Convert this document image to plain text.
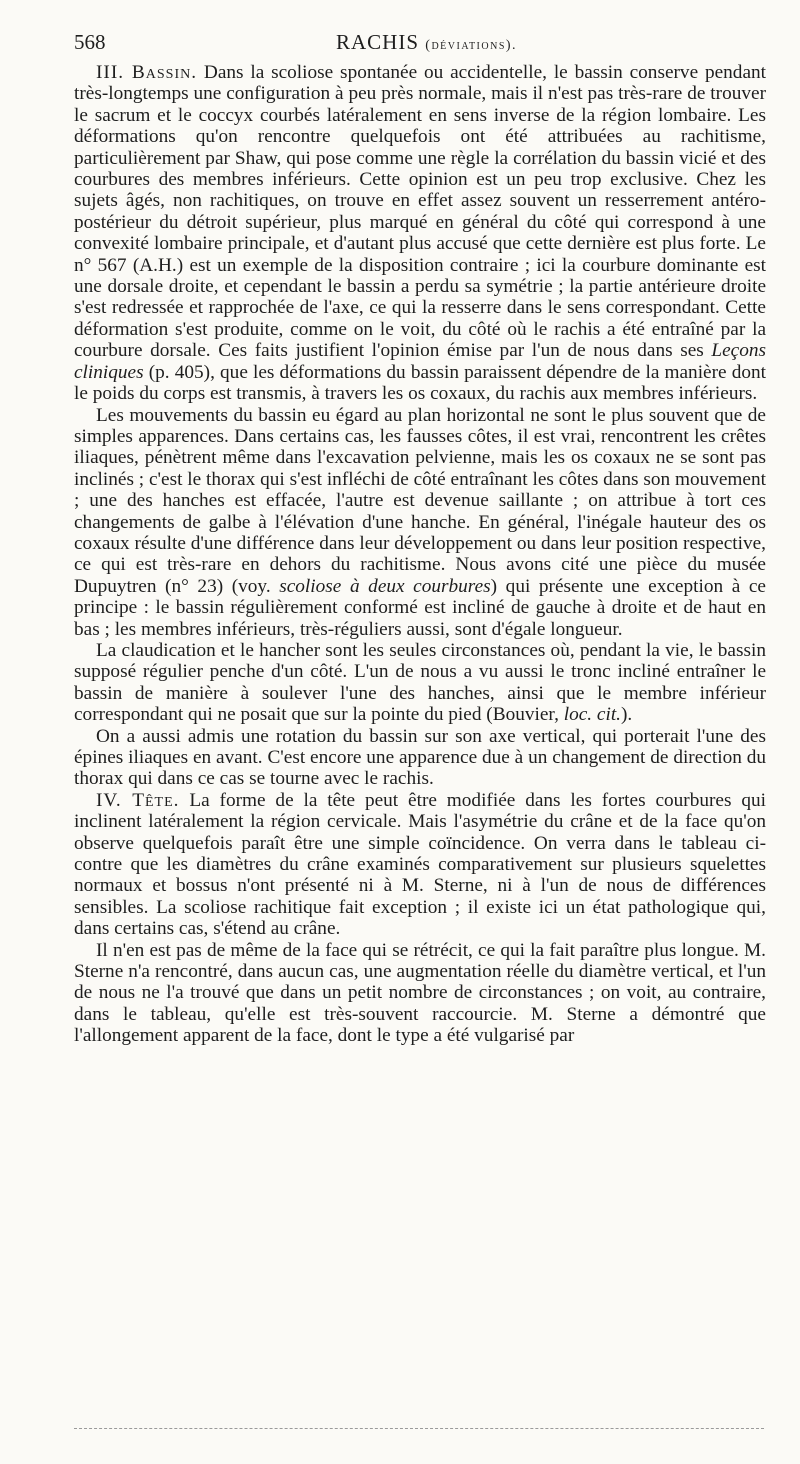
568	RACHIS (déviations).

III. Bassin. Dans la scoliose spontanée ou accidentelle, le bassin conserve pendant très-longtemps une configuration à peu près normale, mais il n'est pas très-rare de trouver le sacrum et le coccyx courbés latéralement en sens inverse de la région lombaire. Les déformations qu'on rencontre quelquefois ont été attribuées au rachitisme, particulièrement par Shaw, qui pose comme une règle la corrélation du bassin vicié et des courbures des membres inférieurs. Cette opinion est un peu trop exclusive. Chez les sujets âgés, non rachitiques, on trouve en effet assez souvent un resserrement antéro-postérieur du détroit supérieur, plus marqué en général du côté qui correspond à une convexité lombaire principale, et d'autant plus accusé que cette dernière est plus forte. Le n° 567 (A.H.) est un exemple de la disposition contraire ; ici la courbure dominante est une dorsale droite, et cependant le bassin a perdu sa symétrie ; la partie antérieure droite s'est redressée et rapprochée de l'axe, ce qui la resserre dans le sens correspondant. Cette déformation s'est produite, comme on le voit, du côté où le rachis a été entraîné par la courbure dorsale. Ces faits justifient l'opinion émise par l'un de nous dans ses Leçons cliniques (p. 405), que les déformations du bassin paraissent dépendre de la manière dont le poids du corps est transmis, à travers les os coxaux, du rachis aux membres inférieurs.

Les mouvements du bassin eu égard au plan horizontal ne sont le plus souvent que de simples apparences. Dans certains cas, les fausses côtes, il est vrai, rencontrent les crêtes iliaques, pénètrent même dans l'excavation pelvienne, mais les os coxaux ne se sont pas inclinés ; c'est le thorax qui s'est infléchi de côté entraînant les côtes dans son mouvement ; une des hanches est effacée, l'autre est devenue saillante ; on attribue à tort ces changements de galbe à l'élévation d'une hanche. En général, l'inégale hauteur des os coxaux résulte d'une différence dans leur développement ou dans leur position respective, ce qui est très-rare en dehors du rachitisme. Nous avons cité une pièce du musée Dupuytren (n° 23) (voy. scoliose à deux courbures) qui présente une exception à ce principe : le bassin régulièrement conformé est incliné de gauche à droite et de haut en bas ; les membres inférieurs, très-réguliers aussi, sont d'égale longueur.

La claudication et le hancher sont les seules circonstances où, pendant la vie, le bassin supposé régulier penche d'un côté. L'un de nous a vu aussi le tronc incliné entraîner le bassin de manière à soulever l'une des hanches, ainsi que le membre inférieur correspondant qui ne posait que sur la pointe du pied (Bouvier, loc. cit.).

On a aussi admis une rotation du bassin sur son axe vertical, qui porterait l'une des épines iliaques en avant. C'est encore une apparence due à un changement de direction du thorax qui dans ce cas se tourne avec le rachis.

IV. Tête. La forme de la tête peut être modifiée dans les fortes courbures qui inclinent latéralement la région cervicale. Mais l'asymétrie du crâne et de la face qu'on observe quelquefois paraît être une simple coïncidence. On verra dans le tableau ci-contre que les diamètres du crâne examinés comparativement sur plusieurs squelettes normaux et bossus n'ont présenté ni à M. Sterne, ni à l'un de nous de différences sensibles. La scoliose rachitique fait exception ; il existe ici un état pathologique qui, dans certains cas, s'étend au crâne.

Il n'en est pas de même de la face qui se rétrécit, ce qui la fait paraître plus longue. M. Sterne n'a rencontré, dans aucun cas, une augmentation réelle du diamètre vertical, et l'un de nous ne l'a trouvé que dans un petit nombre de circonstances ; on voit, au contraire, dans le tableau, qu'elle est très-souvent raccourcie. M. Sterne a démontré que l'allongement apparent de la face, dont le type a été vulgarisé par
